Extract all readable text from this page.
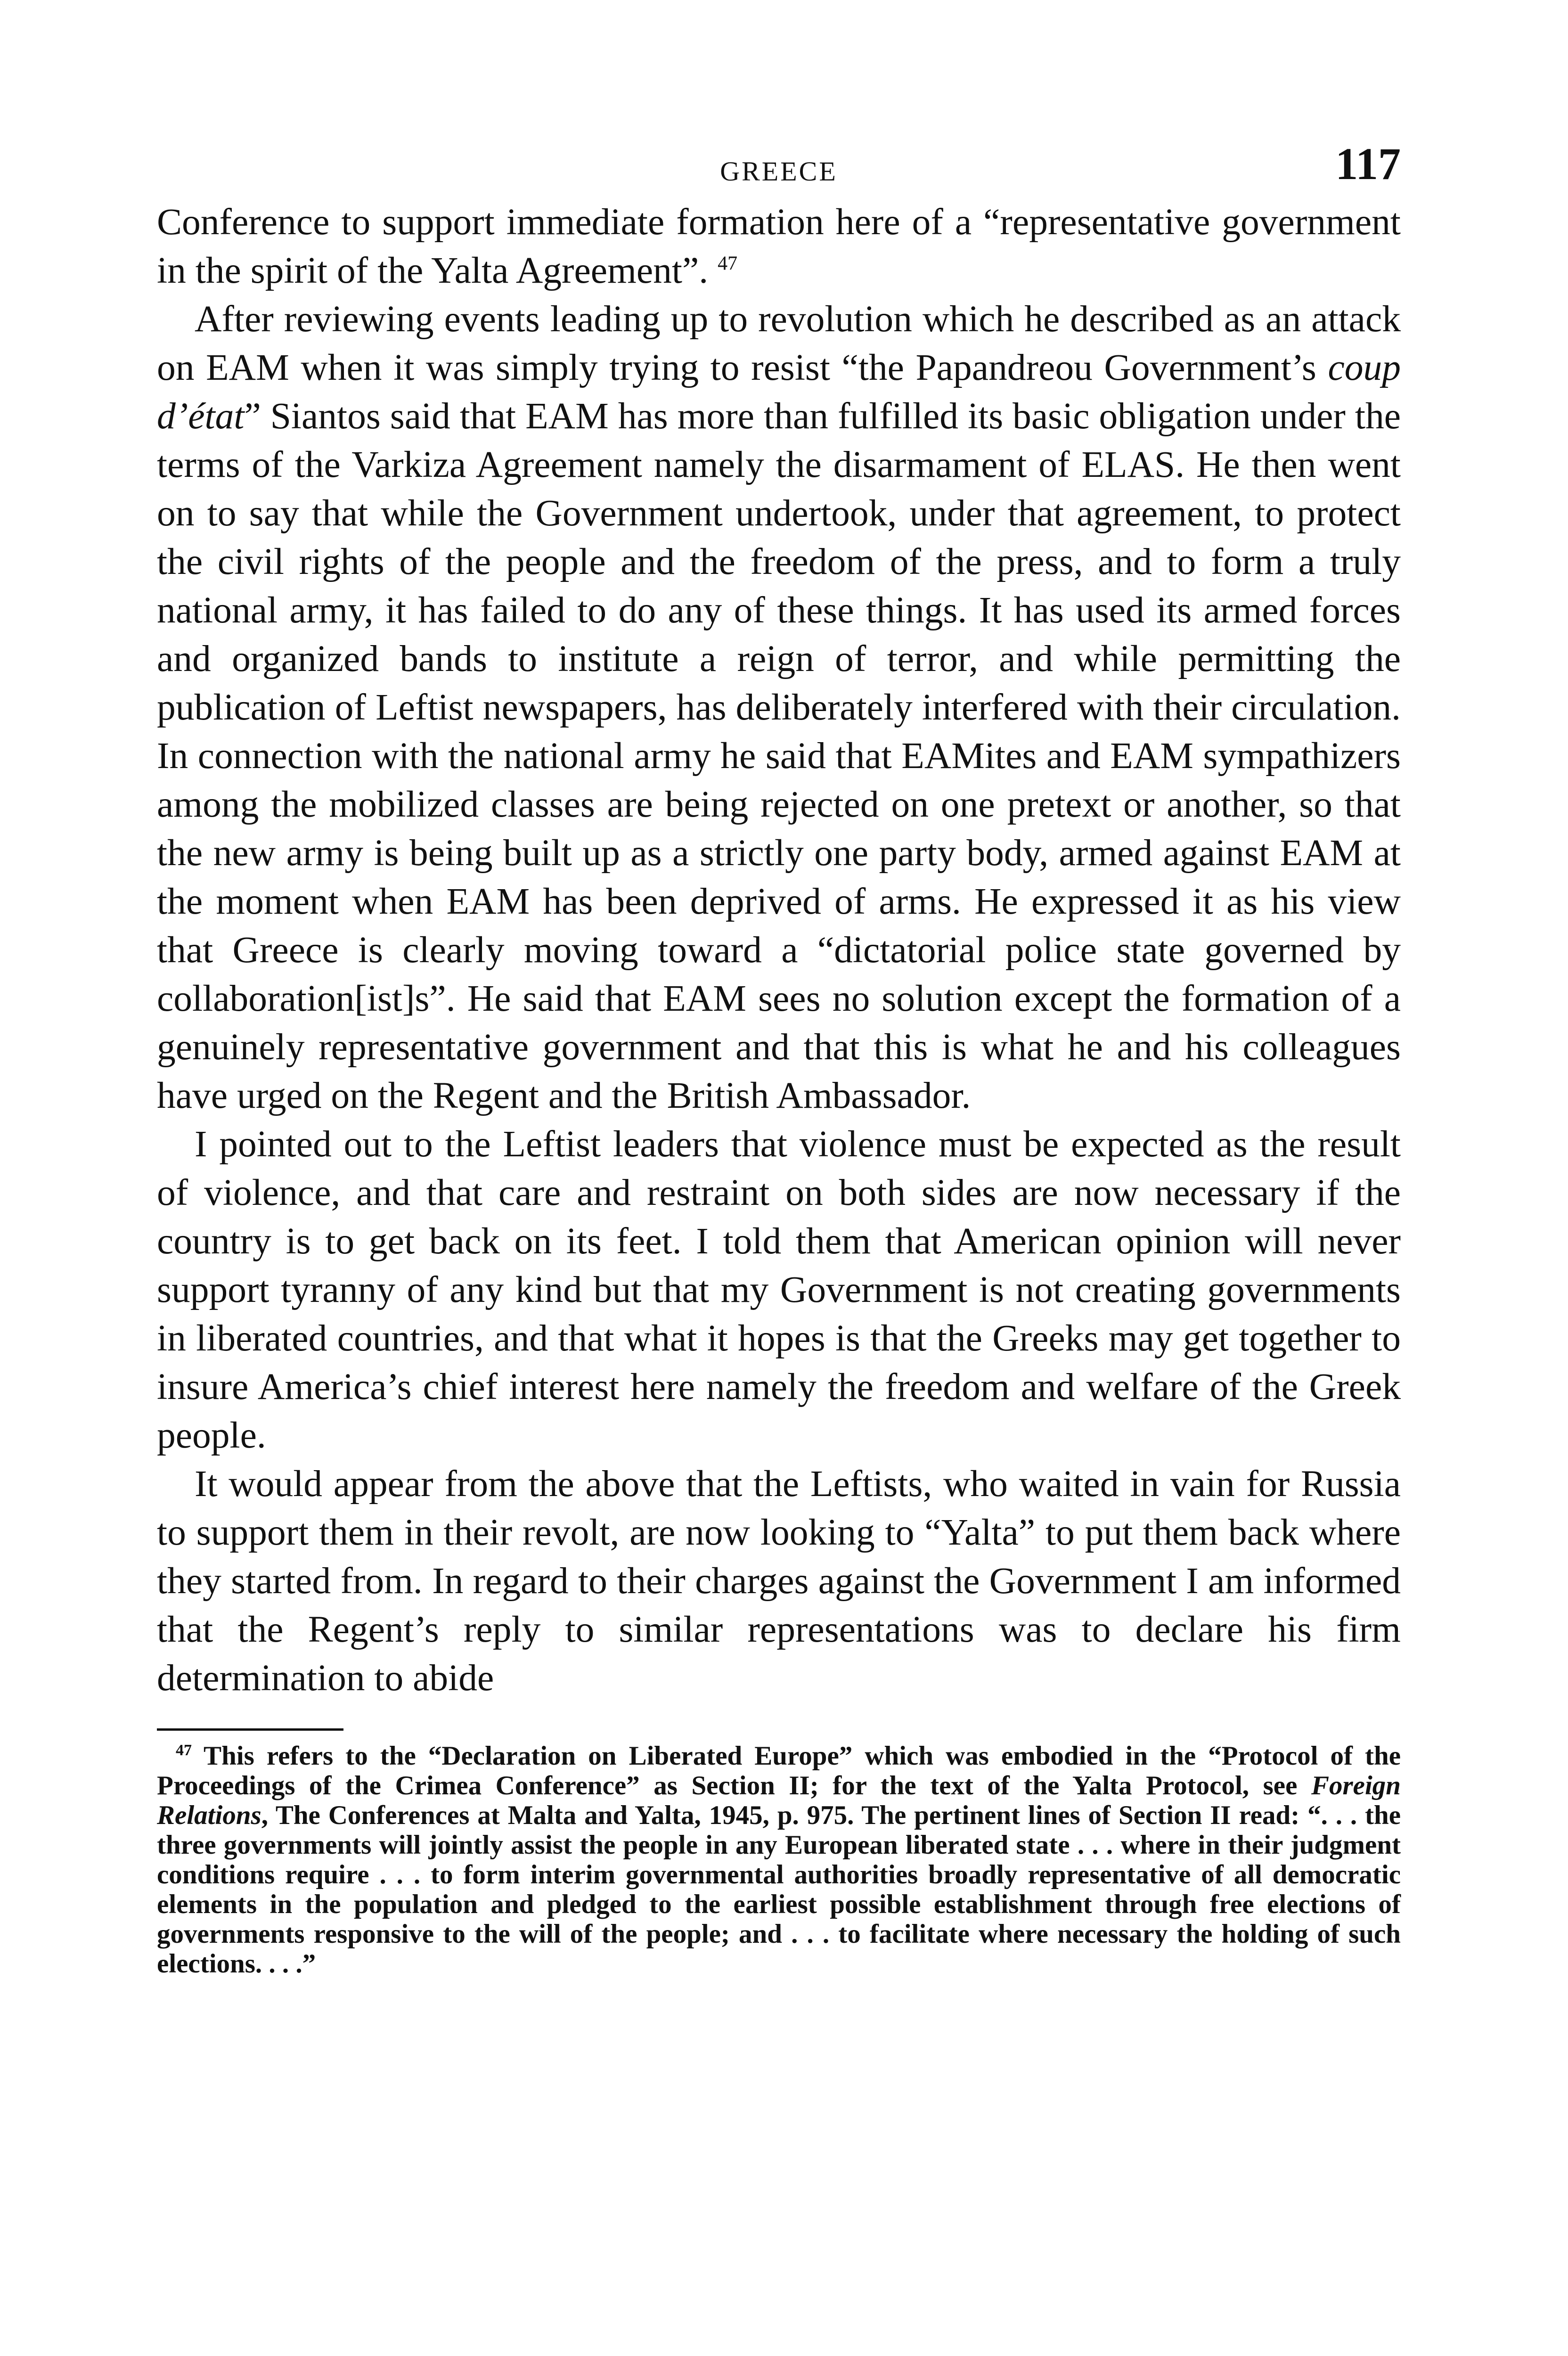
GREECE	117

Conference to support immediate formation here of a “representative government in the spirit of the Yalta Agreement”. $^{47}$

After reviewing events leading up to revolution which he described as an attack on EAM when it was simply trying to resist “the Papandreou Government’s coup d’état” Siantos said that EAM has more than fulfilled its basic obligation under the terms of the Varkiza Agreement namely the disarmament of ELAS. He then went on to say that while the Government undertook, under that agreement, to protect the civil rights of the people and the freedom of the press, and to form a truly national army, it has failed to do any of these things. It has used its armed forces and organized bands to institute a reign of terror, and while permitting the publication of Leftist newspapers, has deliberately interfered with their circulation. In connection with the national army he said that EAMites and EAM sympathizers among the mobilized classes are being rejected on one pretext or another, so that the new army is being built up as a strictly one party body, armed against EAM at the moment when EAM has been deprived of arms. He expressed it as his view that Greece is clearly moving toward a “dictatorial police state governed by collaboration[ist]s”. He said that EAM sees no solution except the formation of a genuinely representative government and that this is what he and his colleagues have urged on the Regent and the British Ambassador.

I pointed out to the Leftist leaders that violence must be expected as the result of violence, and that care and restraint on both sides are now necessary if the country is to get back on its feet. I told them that American opinion will never support tyranny of any kind but that my Government is not creating governments in liberated countries, and that what it hopes is that the Greeks may get together to insure America’s chief interest here namely the freedom and welfare of the Greek people.

It would appear from the above that the Leftists, who waited in vain for Russia to support them in their revolt, are now looking to “Yalta” to put them back where they started from. In regard to their charges against the Government I am informed that the Regent’s reply to similar representations was to declare his firm determination to abide

$^{47}$ This refers to the “Declaration on Liberated Europe” which was embodied in the “Protocol of the Proceedings of the Crimea Conference” as Section II; for the text of the Yalta Protocol, see Foreign Relations, The Conferences at Malta and Yalta, 1945, p. 975. The pertinent lines of Section II read: “. . . the three governments will jointly assist the people in any European liberated state . . . where in their judgment conditions require . . . to form interim governmental authorities broadly representative of all democratic elements in the population and pledged to the earliest possible establishment through free elections of governments responsive to the will of the people; and . . . to facilitate where necessary the holding of such elections. . . .”
